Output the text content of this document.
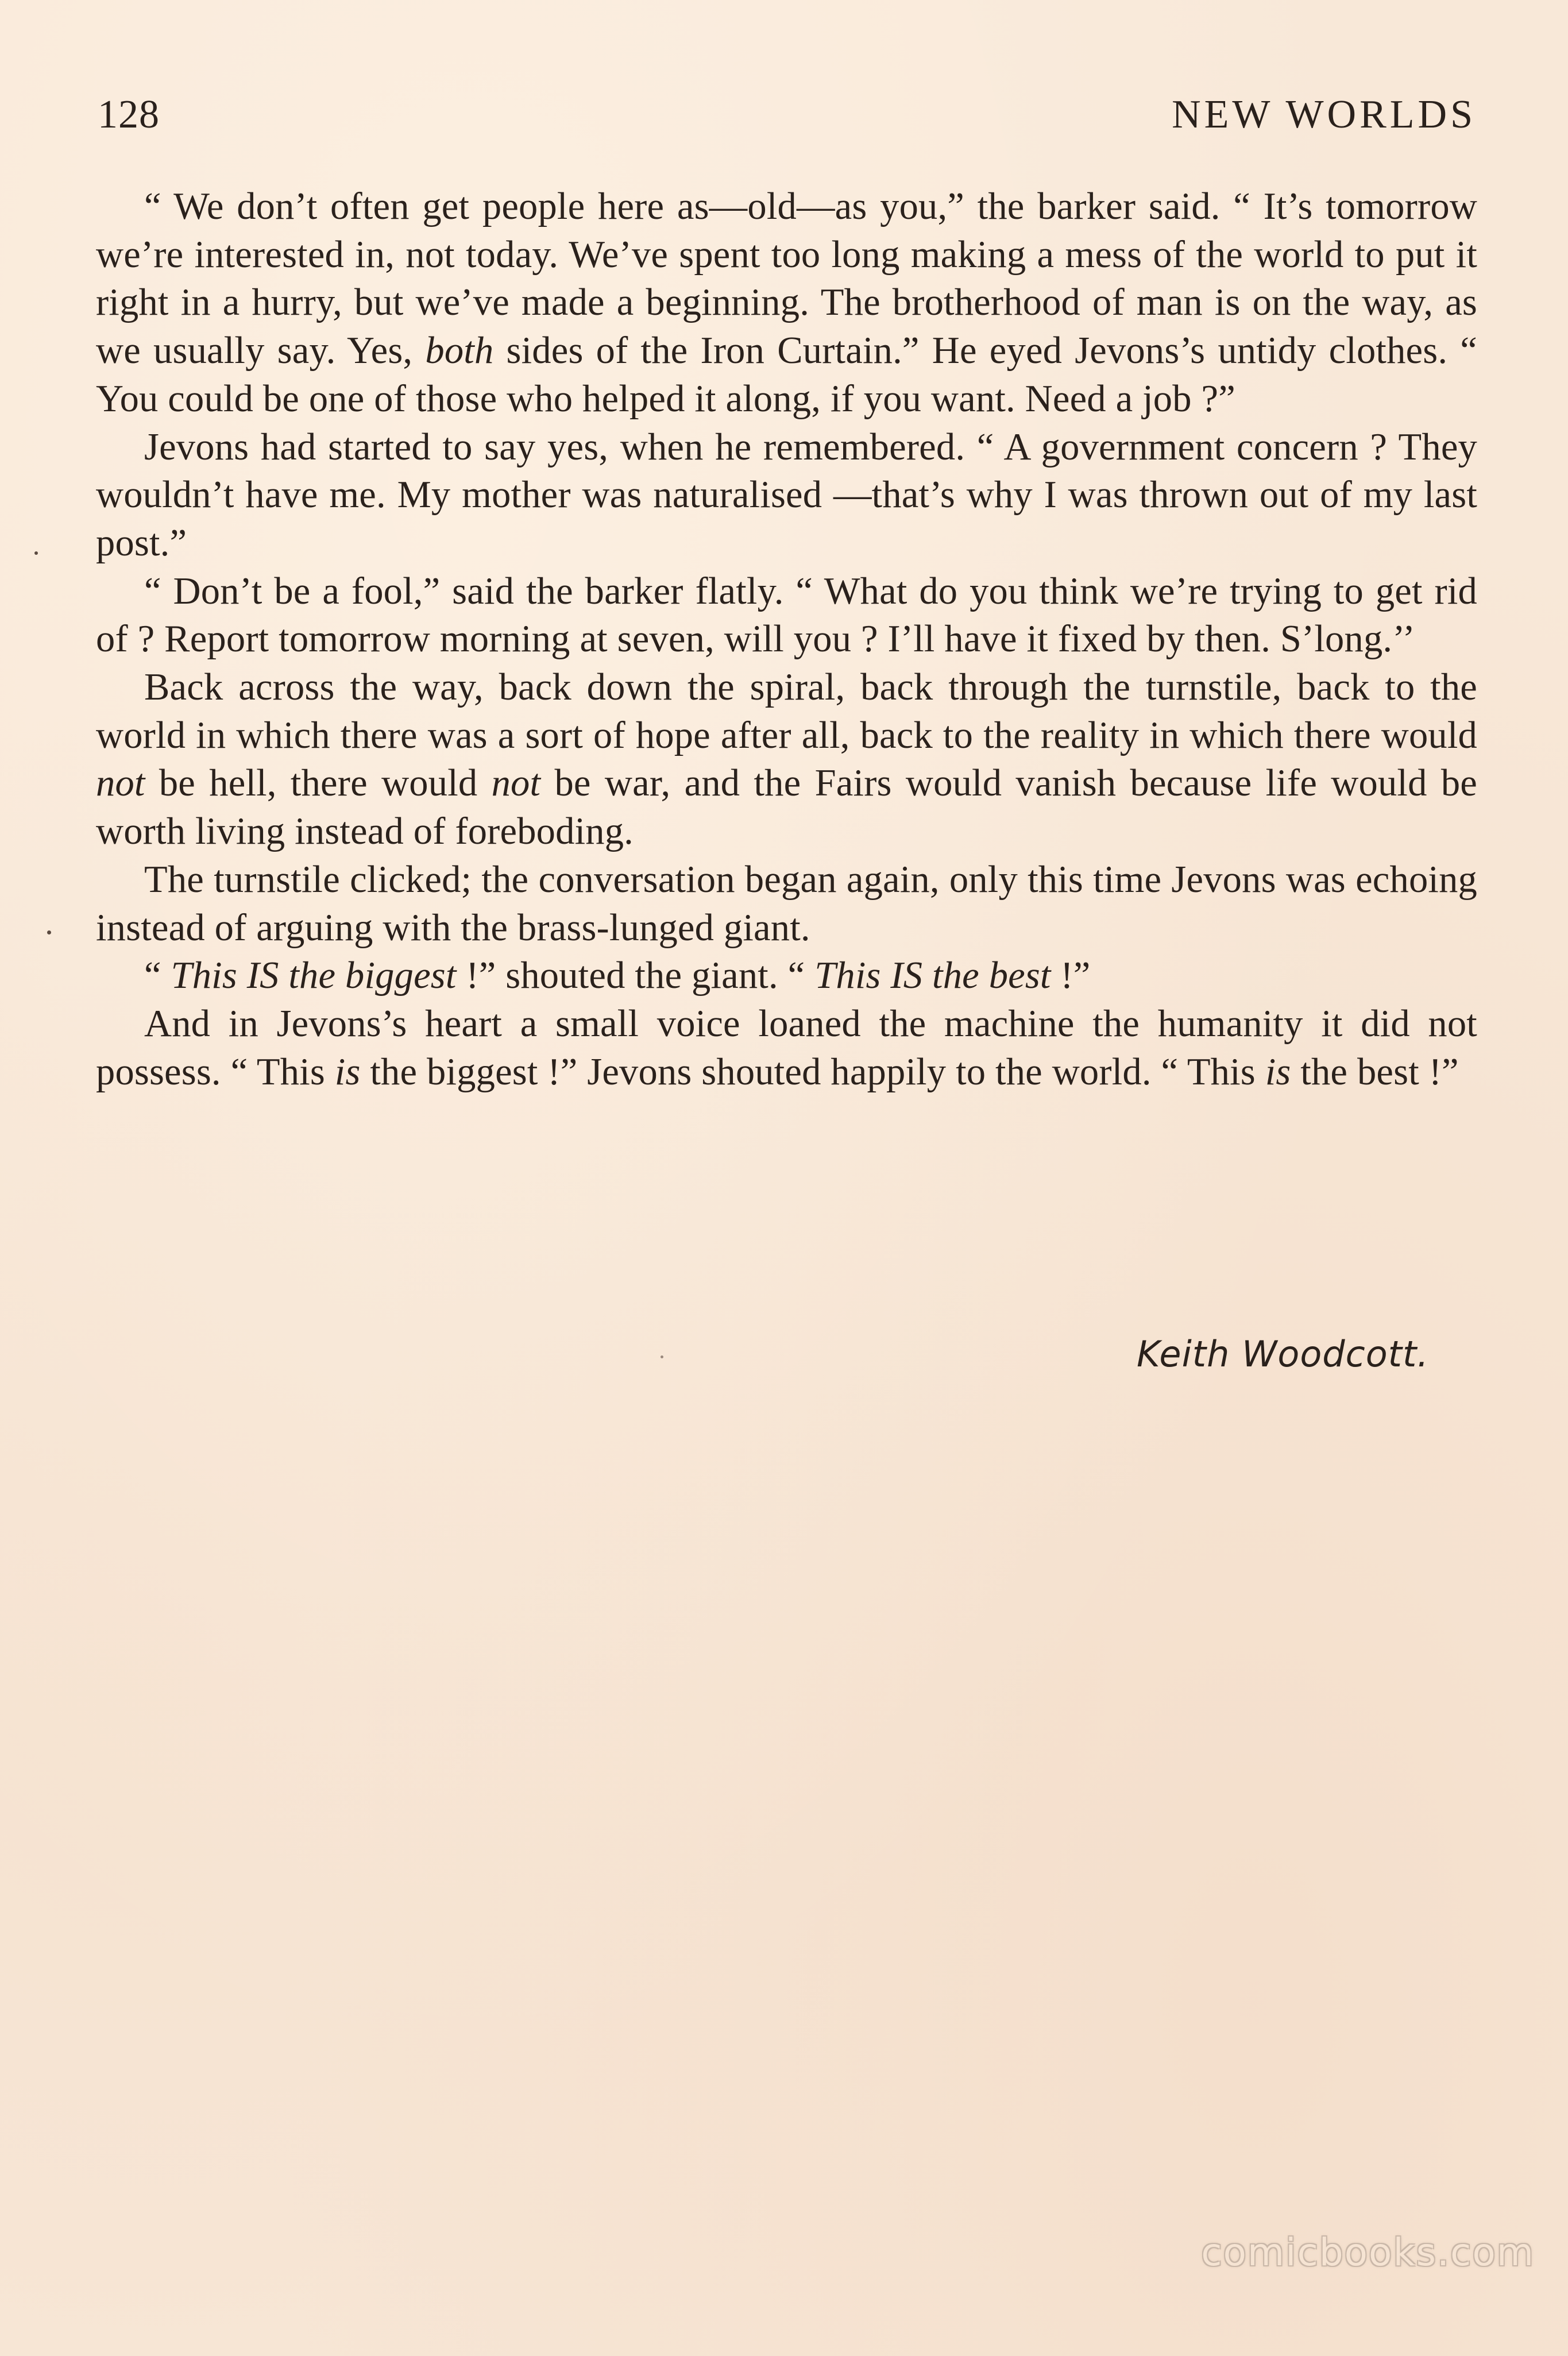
128	NEW WORLDS

“ We don’t often get people here as—old—as you,” the barker said. “ It’s tomorrow we’re interested in, not today. We’ve spent too long making a mess of the world to put it right in a hurry, but we’ve made a beginning. The brotherhood of man is on the way, as we usually say. Yes, both sides of the Iron Curtain.” He eyed Jevons’s untidy clothes. “ You could be one of those who helped it along, if you want. Need a job ?”

Jevons had started to say yes, when he remembered. “ A government concern ? They wouldn’t have me. My mother was naturalised —that’s why I was thrown out of my last post.”

“ Don’t be a fool,” said the barker flatly. “ What do you think we’re trying to get rid of ? Report tomorrow morning at seven, will you ? I’ll have it fixed by then. S’long.’’

Back across the way, back down the spiral, back through the turnstile, back to the world in which there was a sort of hope after all, back to the reality in which there would not be hell, there would not be war, and the Fairs would vanish because life would be worth living instead of foreboding.

The turnstile clicked; the conversation began again, only this time Jevons was echoing instead of arguing with the brass-lunged giant.

“ This IS the biggest !” shouted the giant. “ This IS the best !”

And in Jevons’s heart a small voice loaned the machine the humanity it did not possess. “ This is the biggest !” Jevons shouted happily to the world. “ This is the best !”

Keith Woodcott.
comicbooks.com
